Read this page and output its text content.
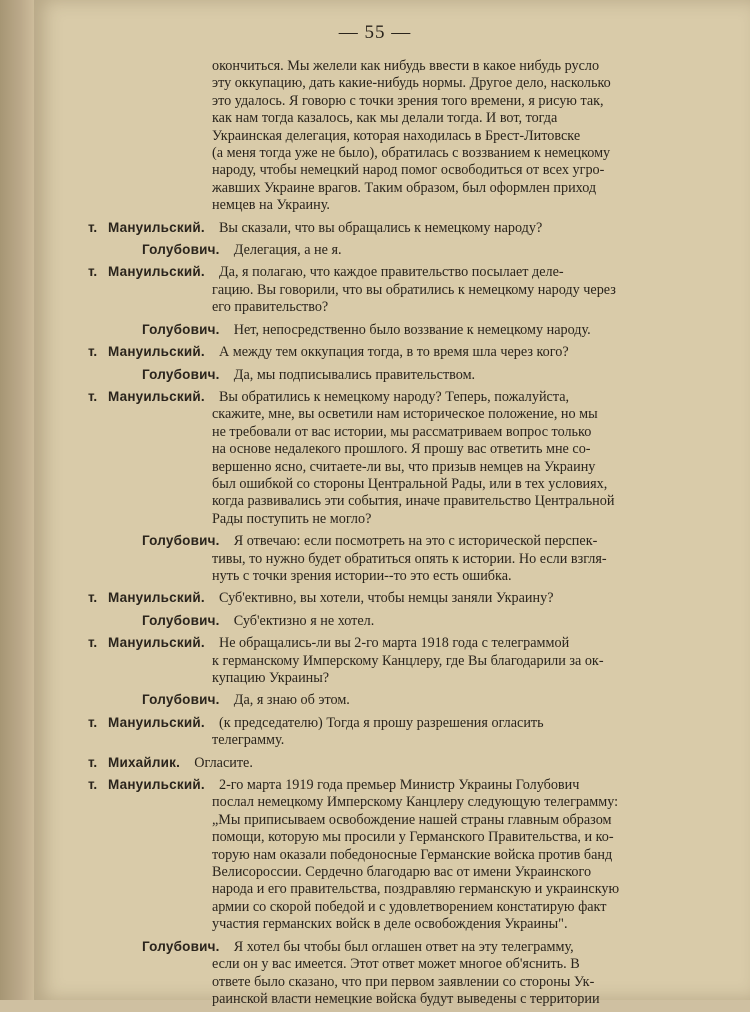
— 55 —
окончиться. Мы желели как нибудь ввести в какое нибудь русло
эту оккупацию, дать какие-нибудь нормы. Другое дело, насколько
это удалось. Я говорю с точки зрения того времени, я рисую так,
как нам тогда казалось, как мы делали тогда. И вот, тогда
Украинская делегация, которая находилась в Брест-Литовске
(а меня тогда уже не было), обратилась с воззванием к немецкому
народу, чтобы немецкий народ помог освободиться от всех угро-
жавших Украине врагов. Таким образом, был оформлен приход
немцев на Украину.
т. Мануильский.  Вы сказали, что вы обращались к немецкому народу?
Голубович.  Делегация, а не я.
т. Мануильский.  Да, я полагаю, что каждое правительство посылает деле-
гацию. Вы говорили, что вы обратились к немецкому народу через
его правительство?
Голубович.  Нет, непосредственно было воззвание к немецкому народу.
т. Мануильский.  А между тем оккупация тогда, в то время шла через кого?
Голубович.  Да, мы подписывались правительством.
т. Мануильский.  Вы обратились к немецкому народу? Теперь, пожалуйста,
скажите, мне, вы осветили нам историческое положение, но мы
не требовали от вас истории, мы рассматриваем вопрос только
на основе недалекого прошлого. Я прошу вас ответить мне со-
вершенно ясно, считаете-ли вы, что призыв немцев на Украину
был ошибкой со стороны Центральной Рады, или в тех условиях,
когда развивались эти события, иначе правительство Центральной
Рады поступить не могло?
Голубович.  Я отвечаю: если посмотреть на это с исторической перспек-
тивы, то нужно будет обратиться опять к истории. Но если взгля-
нуть с точки зрения истории--то это есть ошибка.
т. Мануильский.  Суб'ективно, вы хотели, чтобы немцы заняли Украину?
Голубович.  Суб'ектизно я не хотел.
т. Мануильский.  Не обращались-ли вы 2-го марта 1918 года с телеграммой
к германскому Имперскому Канцлеру, где Вы благодарили за ок-
купацию Украины?
Голубович.  Да, я знаю об этом.
т. Мануильский.  (к председателю) Тогда я прошу разрешения огласить
телеграмму.
т. Михайлик.  Огласите.
т. Мануильский.  2-го марта 1919 года премьер Министр Украины Голубович
послал немецкому Имперскому Канцлеру следующую телеграмму:
„Мы приписываем освобождение нашей страны главным образом
помощи, которую мы просили у Германского Правительства, и ко-
торую нам оказали победоносные Германские войска против банд
Велисороссии. Сердечно благодарю вас от имени Украинского
народа и его правительства, поздравляю германскую и украинскую
армии со скорой победой и с удовлетворением констатирую факт
участия германских войск в деле освобождения Украины".
Голубович.  Я хотел бы чтобы был оглашен ответ на эту телеграмму,
если он у вас имеется. Этот ответ может многое об'яснить. В
ответе было сказано, что при первом заявлении со стороны Ук-
раинской власти немецкие войска будут выведены с территории
